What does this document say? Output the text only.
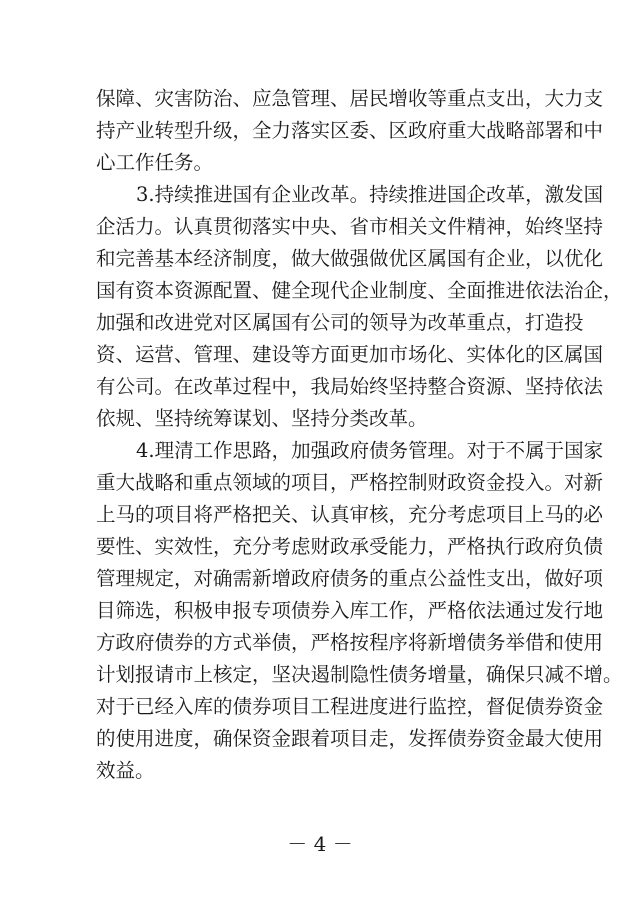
保障、灾害防治、应急管理、居民增收等重点支出，大力支
持产业转型升级，全力落实区委、区政府重大战略部署和中
心工作任务。
3.持续推进国有企业改革。持续推进国企改革，激发国
企活力。认真贯彻落实中央、省市相关文件精神，始终坚持
和完善基本经济制度，做大做强做优区属国有企业，以优化
国有资本资源配置、健全现代企业制度、全面推进依法治企，
加强和改进党对区属国有公司的领导为改革重点，打造投
资、运营、管理、建设等方面更加市场化、实体化的区属国
有公司。在改革过程中，我局始终坚持整合资源、坚持依法
依规、坚持统筹谋划、坚持分类改革。
4.理清工作思路，加强政府债务管理。对于不属于国家
重大战略和重点领域的项目，严格控制财政资金投入。对新
上马的项目将严格把关、认真审核，充分考虑项目上马的必
要性、实效性，充分考虑财政承受能力，严格执行政府负债
管理规定，对确需新增政府债务的重点公益性支出，做好项
目筛选，积极申报专项债券入库工作，严格依法通过发行地
方政府债券的方式举债，严格按程序将新增债务举借和使用
计划报请市上核定，坚决遏制隐性债务增量，确保只减不增。
对于已经入库的债券项目工程进度进行监控，督促债券资金
的使用进度，确保资金跟着项目走，发挥债券资金最大使用
效益。
－ 4 －
